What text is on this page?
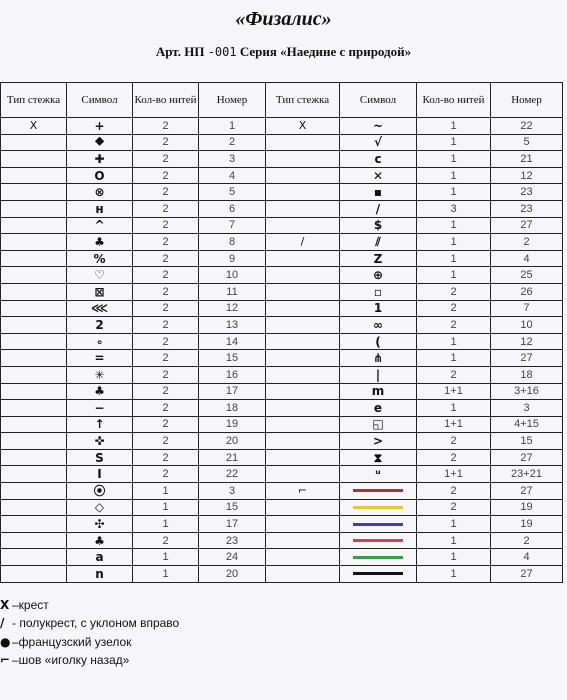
«Физалис»
Арт. НП -001 Серия «Наедине с природой»
Тип стежка	Символ	Кол-во нитей	Номер	Тип стежка	Символ	Кол-во нитей	Номер
X	+	2	1	X	~	1	22
	⯁	2	2		√	1	5
	✚	2	3		c	1	21
	O	2	4		✕	1	12
	⊗	2	5		▪	1	23
	н	2	6		/	3	23
	^	2	7		$	1	27
	♣	2	8	/	⫽	1	2
	%	2	9		Z	1	4
	♡	2	10		⊕	1	25
	⊠	2	11		▫	2	26
	⋘	2	12		1	2	7
	2	2	13		∞	2	10
	∘	2	14		(	1	12
	=	2	15		⋔	1	27
	✳	2	16		|	2	18
	♣	2	17		m	1+1	3+16
	−	2	18		e	1	3
	↑	2	19		◱	1+1	4+15
	✜	2	20		>	2	15
	S	2	21		⧗	2	27
	I	2	22		ᵘ	1+1	23+21
	⦿	1	3	⌐		2	27
	◇	1	15			2	19
	✣	1	17			1	19
	♣	2	23			1	2
	a	1	24			1	4
	n	1	20			1	27
X –крест
/ - полукрест, с уклоном вправо
● –французский узелок
⌐ –шов «иголку назад»
